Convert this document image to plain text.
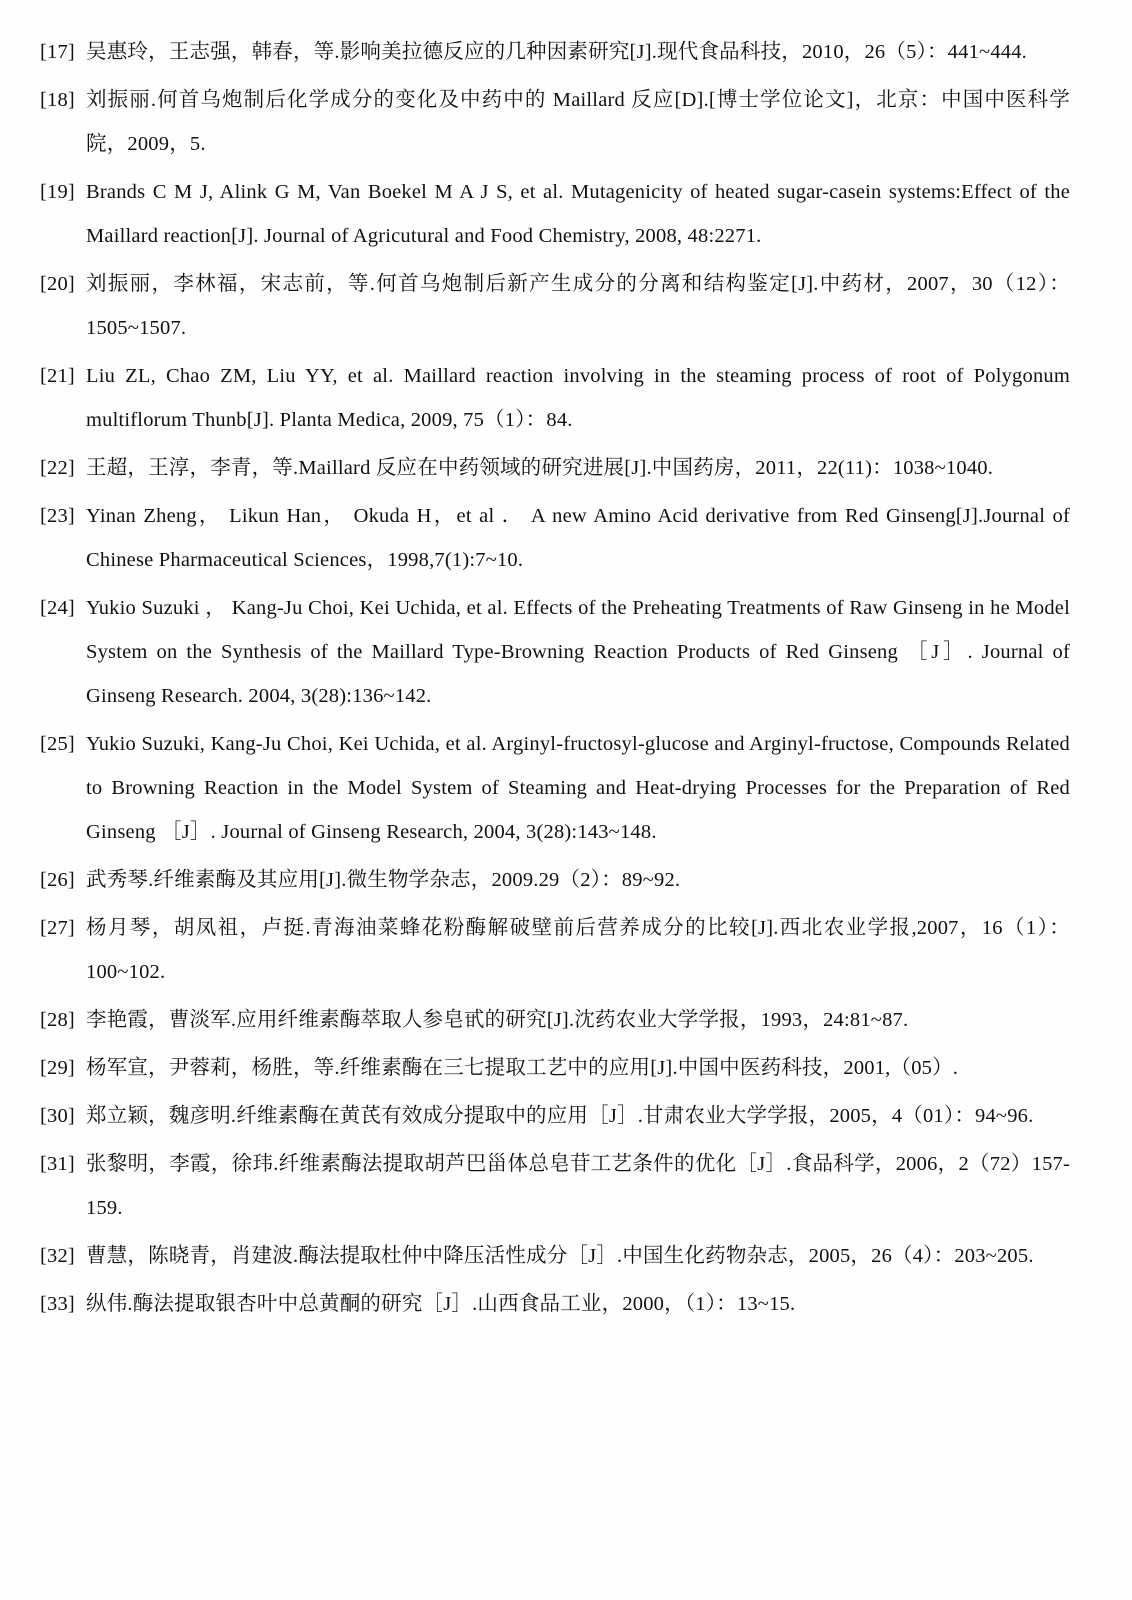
[17] 吴惠玲，王志强，韩春，等.影响美拉德反应的几种因素研究[J].现代食品科技，2010，26（5）：441~444.
[18] 刘振丽.何首乌炮制后化学成分的变化及中药中的 Maillard 反应[D].[博士学位论文]，北京：中国中医科学院，2009，5.
[19] Brands C M J, Alink G M, Van Boekel M A J S, et al. Mutagenicity of heated sugar-casein systems:Effect of the Maillard reaction[J]. Journal of Agricutural and Food Chemistry, 2008, 48:2271.
[20] 刘振丽，李林福，宋志前，等.何首乌炮制后新产生成分的分离和结构鉴定[J].中药材，2007，30（12）：1505~1507.
[21] Liu ZL, Chao ZM, Liu YY, et al. Maillard reaction involving in the steaming process of root of Polygonum multiflorum Thunb[J]. Planta Medica, 2009, 75（1）：84.
[22] 王超，王淳，李青，等.Maillard 反应在中药领域的研究进展[J].中国药房，2011，22(11)：1038~1040.
[23] Yinan Zheng， Likun Han， Okuda H，et al ． A new Amino Acid derivative from Red Ginseng[J].Journal of Chinese Pharmaceutical Sciences，1998,7(1):7~10.
[24] Yukio Suzuki ， Kang-Ju Choi, Kei Uchida, et al. Effects of the Preheating Treatments of Raw Ginseng in he Model System on the Synthesis of the Maillard Type-Browning Reaction Products of Red Ginseng ［J］. Journal of Ginseng Research. 2004, 3(28):136~142.
[25] Yukio Suzuki, Kang-Ju Choi, Kei Uchida, et al. Arginyl-fructosyl-glucose and Arginyl-fructose, Compounds Related to Browning Reaction in the Model System of Steaming and Heat-drying Processes for the Preparation of Red Ginseng ［J］. Journal of Ginseng Research, 2004, 3(28):143~148.
[26] 武秀琴.纤维素酶及其应用[J].微生物学杂志，2009.29（2）：89~92.
[27] 杨月琴，胡凤祖，卢挺.青海油菜蜂花粉酶解破壁前后营养成分的比较[J].西北农业学报,2007，16（1）：100~102.
[28] 李艳霞，曹淡军.应用纤维素酶萃取人参皂甙的研究[J].沈药农业大学学报，1993，24:81~87.
[29] 杨军宣，尹蓉莉，杨胜，等.纤维素酶在三七提取工艺中的应用[J].中国中医药科技，2001,（05）.
[30] 郑立颖，魏彦明.纤维素酶在黄芪有效成分提取中的应用［J］.甘肃农业大学学报，2005，4（01）：94~96.
[31] 张黎明，李霞，徐玮.纤维素酶法提取胡芦巴甾体总皂苷工艺条件的优化［J］.食品科学，2006，2（72）157-159.
[32] 曹慧，陈晓青，肖建波.酶法提取杜仲中降压活性成分［J］.中国生化药物杂志，2005，26（4）：203~205.
[33] 纵伟.酶法提取银杏叶中总黄酮的研究［J］.山西食品工业，2000，（1）：13~15.
